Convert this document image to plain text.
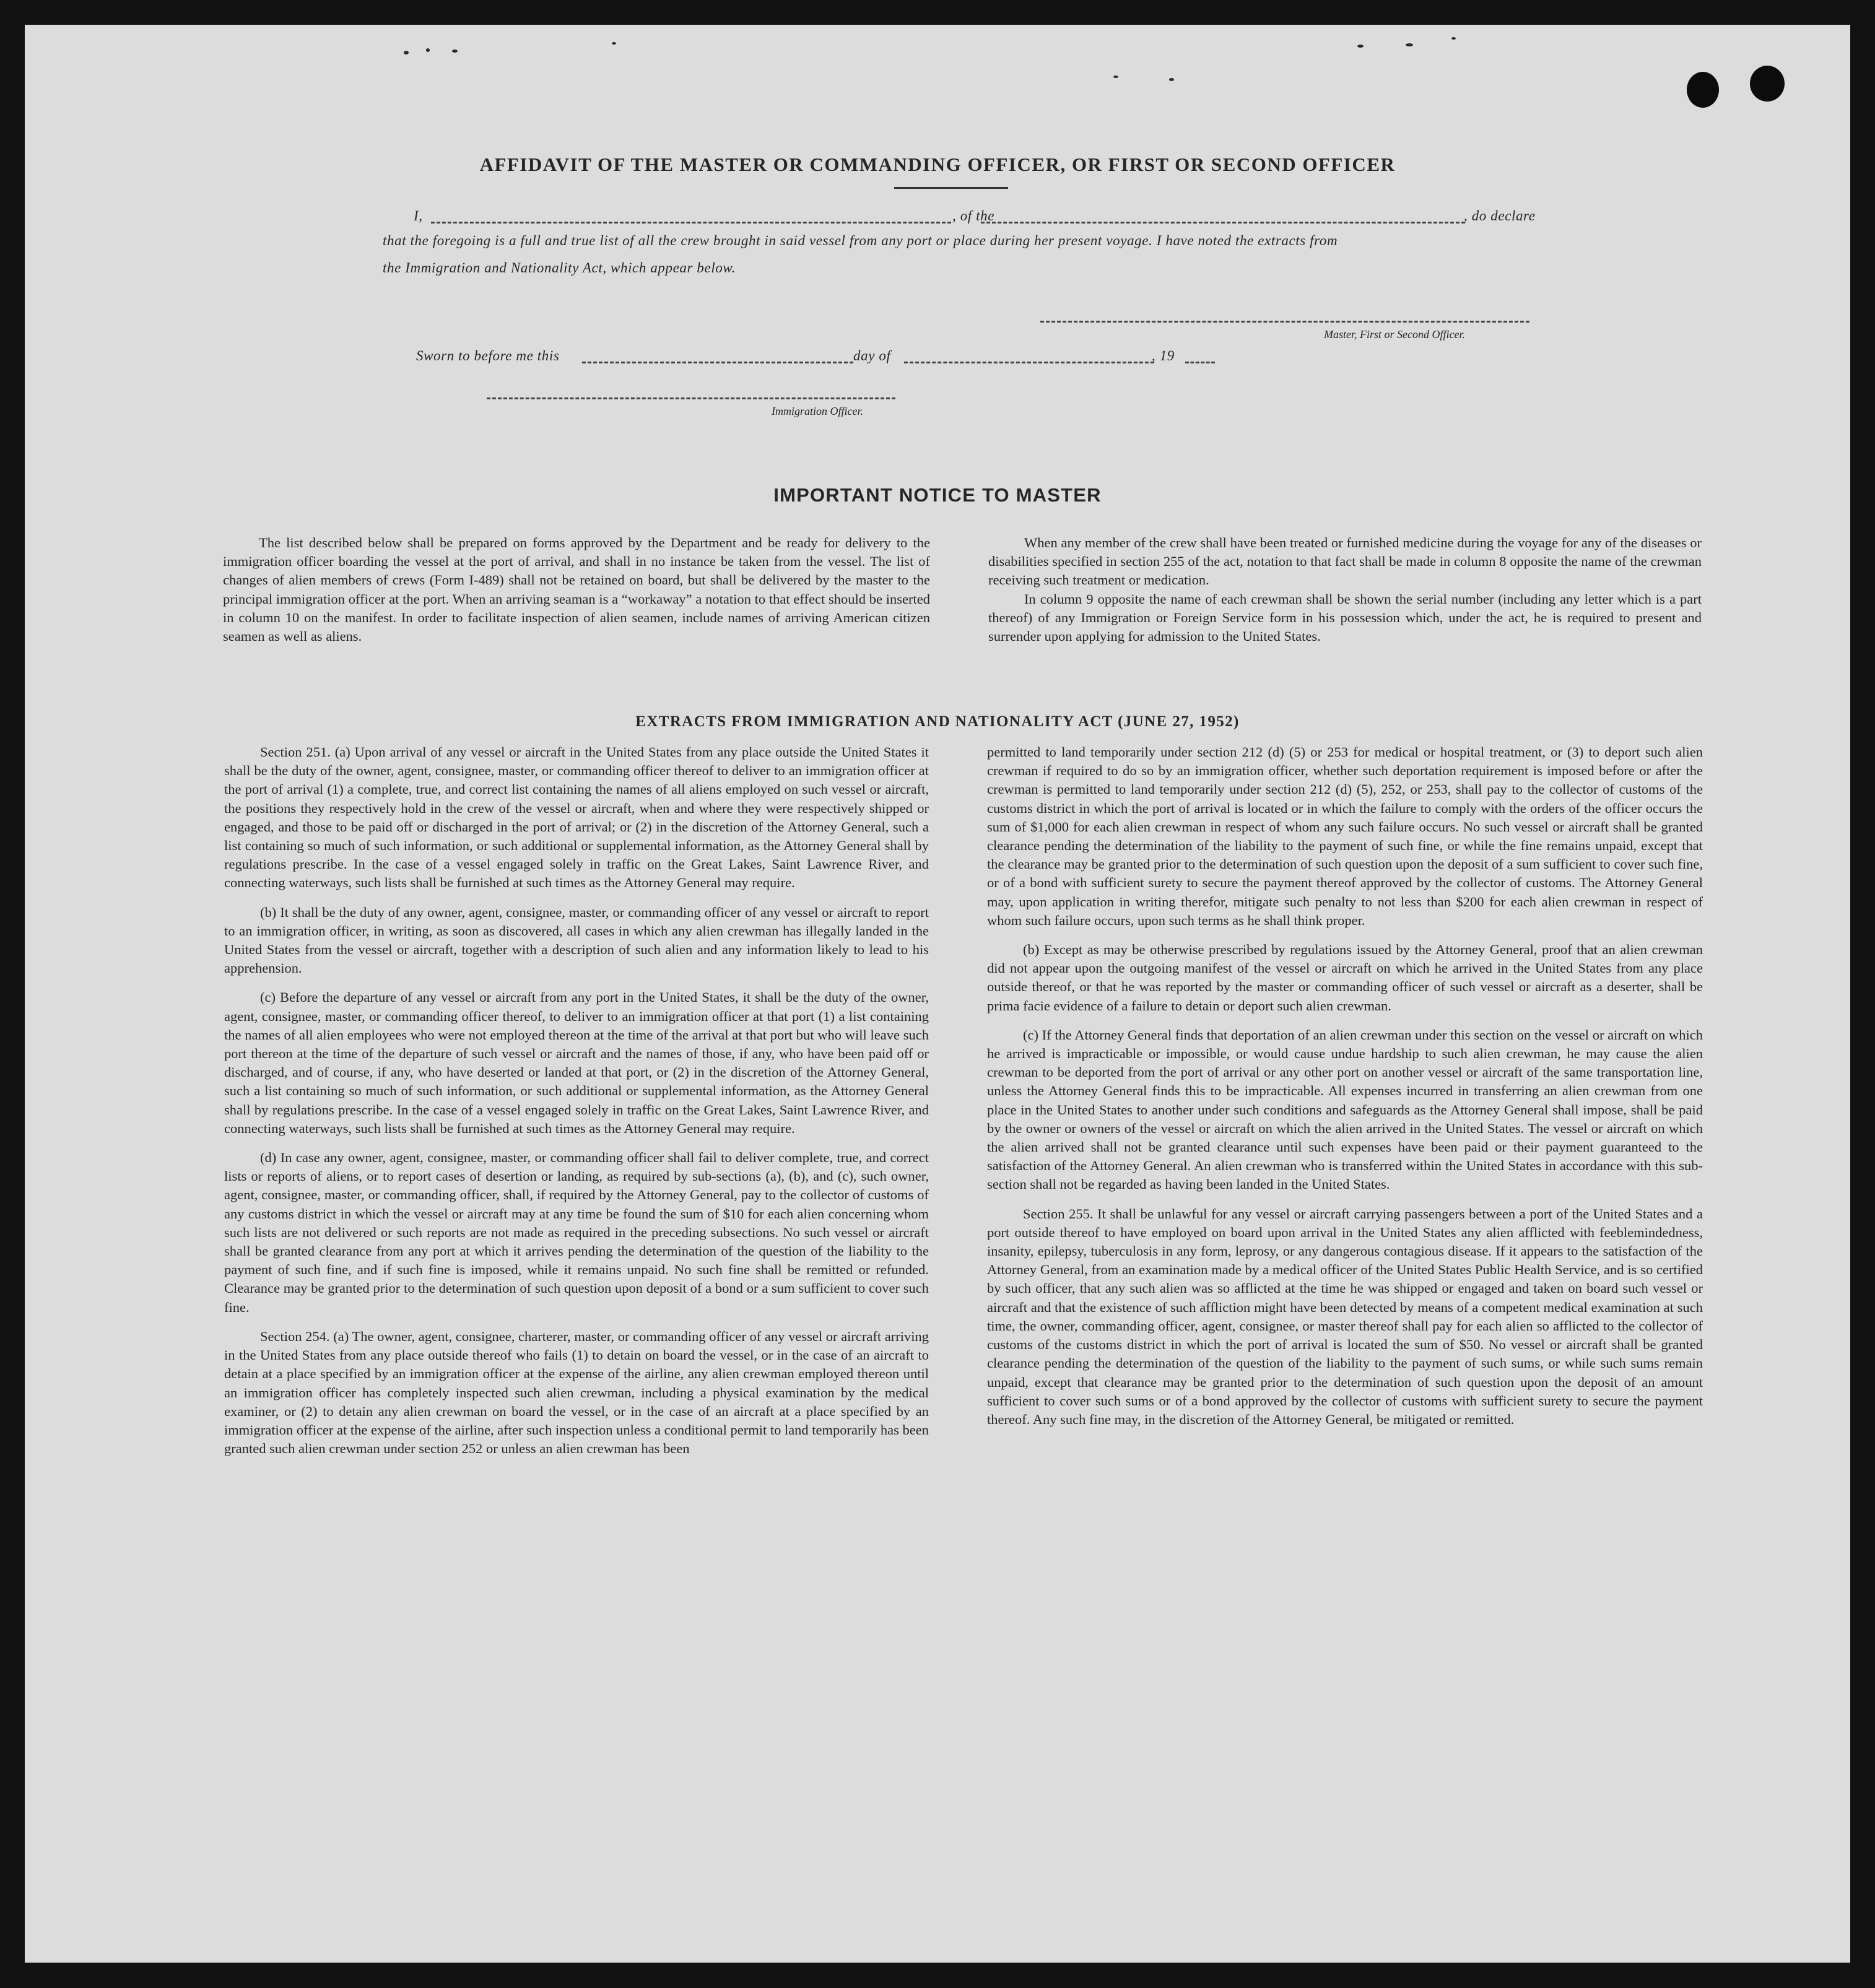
AFFIDAVIT OF THE MASTER OR COMMANDING OFFICER, OR FIRST OR SECOND OFFICER
I,	, of the	, do declare
that the foregoing is a full and true list of all the crew brought in said vessel from any port or place during her present voyage. I have noted the extracts from
the Immigration and Nationality Act, which appear below.
Master, First or Second Officer.
Sworn to before me this	day of	, 19
Immigration Officer.
IMPORTANT NOTICE TO MASTER

The list described below shall be prepared on forms approved by the Department and be ready for delivery to the immigration officer boarding the vessel at the port of arrival, and shall in no instance be taken from the vessel. The list of changes of alien members of crews (Form I-489) shall not be retained on board, but shall be delivered by the master to the principal immigration officer at the port. When an arriving seaman is a “workaway” a notation to that effect should be inserted in column 10 on the manifest. In order to facilitate inspection of alien seamen, include names of arriving American citizen seamen as well as aliens.

When any member of the crew shall have been treated or furnished medicine during the voyage for any of the diseases or disabilities specified in section 255 of the act, notation to that fact shall be made in column 8 opposite the name of the crewman receiving such treatment or medication.

In column 9 opposite the name of each crewman shall be shown the serial number (including any letter which is a part thereof) of any Immigration or Foreign Service form in his possession which, under the act, he is required to present and surrender upon applying for admission to the United States.

EXTRACTS FROM IMMIGRATION AND NATIONALITY ACT (JUNE 27, 1952)

Section 251. (a) Upon arrival of any vessel or aircraft in the United States from any place outside the United States it shall be the duty of the owner, agent, consignee, master, or commanding officer thereof to deliver to an immigration officer at the port of arrival (1) a complete, true, and correct list containing the names of all aliens employed on such vessel or aircraft, the positions they respectively hold in the crew of the vessel or aircraft, when and where they were respectively shipped or engaged, and those to be paid off or discharged in the port of arrival; or (2) in the discretion of the Attorney General, such a list containing so much of such information, or such additional or supplemental information, as the Attorney General shall by regulations prescribe. In the case of a vessel engaged solely in traffic on the Great Lakes, Saint Lawrence River, and connecting waterways, such lists shall be furnished at such times as the Attorney General may require.

(b) It shall be the duty of any owner, agent, consignee, master, or commanding officer of any vessel or aircraft to report to an immigration officer, in writing, as soon as discovered, all cases in which any alien crewman has illegally landed in the United States from the vessel or aircraft, together with a description of such alien and any information likely to lead to his apprehension.

(c) Before the departure of any vessel or aircraft from any port in the United States, it shall be the duty of the owner, agent, consignee, master, or commanding officer thereof, to deliver to an immigration officer at that port (1) a list containing the names of all alien employees who were not employed thereon at the time of the arrival at that port but who will leave such port thereon at the time of the departure of such vessel or aircraft and the names of those, if any, who have been paid off or discharged, and of course, if any, who have deserted or landed at that port, or (2) in the discretion of the Attorney General, such a list containing so much of such information, or such additional or supplemental information, as the Attorney General shall by regulations prescribe. In the case of a vessel engaged solely in traffic on the Great Lakes, Saint Lawrence River, and connecting waterways, such lists shall be furnished at such times as the Attorney General may require.

(d) In case any owner, agent, consignee, master, or commanding officer shall fail to deliver complete, true, and correct lists or reports of aliens, or to report cases of desertion or landing, as required by sub-sections (a), (b), and (c), such owner, agent, consignee, master, or commanding officer, shall, if required by the Attorney General, pay to the collector of customs of any customs district in which the vessel or aircraft may at any time be found the sum of $10 for each alien concerning whom such lists are not delivered or such reports are not made as required in the preceding subsections. No such vessel or aircraft shall be granted clearance from any port at which it arrives pending the determination of the question of the liability to the payment of such fine, and if such fine is imposed, while it remains unpaid. No such fine shall be remitted or refunded. Clearance may be granted prior to the determination of such question upon deposit of a bond or a sum sufficient to cover such fine.

Section 254. (a) The owner, agent, consignee, charterer, master, or commanding officer of any vessel or aircraft arriving in the United States from any place outside thereof who fails (1) to detain on board the vessel, or in the case of an aircraft to detain at a place specified by an immigration officer at the expense of the airline, any alien crewman employed thereon until an immigration officer has completely inspected such alien crewman, including a physical examination by the medical examiner, or (2) to detain any alien crewman on board the vessel, or in the case of an aircraft at a place specified by an immigration officer at the expense of the airline, after such inspection unless a conditional permit to land temporarily has been granted such alien crewman under section 252 or unless an alien crewman has been

permitted to land temporarily under section 212 (d) (5) or 253 for medical or hospital treatment, or (3) to deport such alien crewman if required to do so by an immigration officer, whether such deportation requirement is imposed before or after the crewman is permitted to land temporarily under section 212 (d) (5), 252, or 253, shall pay to the collector of customs of the customs district in which the port of arrival is located or in which the failure to comply with the orders of the officer occurs the sum of $1,000 for each alien crewman in respect of whom any such failure occurs. No such vessel or aircraft shall be granted clearance pending the determination of the liability to the payment of such fine, or while the fine remains unpaid, except that the clearance may be granted prior to the determination of such question upon the deposit of a sum sufficient to cover such fine, or of a bond with sufficient surety to secure the payment thereof approved by the collector of customs. The Attorney General may, upon application in writing therefor, mitigate such penalty to not less than $200 for each alien crewman in respect of whom such failure occurs, upon such terms as he shall think proper.

(b) Except as may be otherwise prescribed by regulations issued by the Attorney General, proof that an alien crewman did not appear upon the outgoing manifest of the vessel or aircraft on which he arrived in the United States from any place outside thereof, or that he was reported by the master or commanding officer of such vessel or aircraft as a deserter, shall be prima facie evidence of a failure to detain or deport such alien crewman.

(c) If the Attorney General finds that deportation of an alien crewman under this section on the vessel or aircraft on which he arrived is impracticable or impossible, or would cause undue hardship to such alien crewman, he may cause the alien crewman to be deported from the port of arrival or any other port on another vessel or aircraft of the same transportation line, unless the Attorney General finds this to be impracticable. All expenses incurred in transferring an alien crewman from one place in the United States to another under such conditions and safeguards as the Attorney General shall impose, shall be paid by the owner or owners of the vessel or aircraft on which the alien arrived in the United States. The vessel or aircraft on which the alien arrived shall not be granted clearance until such expenses have been paid or their payment guaranteed to the satisfaction of the Attorney General. An alien crewman who is transferred within the United States in accordance with this sub-section shall not be regarded as having been landed in the United States.

Section 255. It shall be unlawful for any vessel or aircraft carrying passengers between a port of the United States and a port outside thereof to have employed on board upon arrival in the United States any alien afflicted with feeblemindedness, insanity, epilepsy, tuberculosis in any form, leprosy, or any dangerous contagious disease. If it appears to the satisfaction of the Attorney General, from an examination made by a medical officer of the United States Public Health Service, and is so certified by such officer, that any such alien was so afflicted at the time he was shipped or engaged and taken on board such vessel or aircraft and that the existence of such affliction might have been detected by means of a competent medical examination at such time, the owner, commanding officer, agent, consignee, or master thereof shall pay for each alien so afflicted to the collector of customs of the customs district in which the port of arrival is located the sum of $50. No vessel or aircraft shall be granted clearance pending the determination of the question of the liability to the payment of such sums, or while such sums remain unpaid, except that clearance may be granted prior to the determination of such question upon the deposit of an amount sufficient to cover such sums or of a bond approved by the collector of customs with sufficient surety to secure the payment thereof. Any such fine may, in the discretion of the Attorney General, be mitigated or remitted.
